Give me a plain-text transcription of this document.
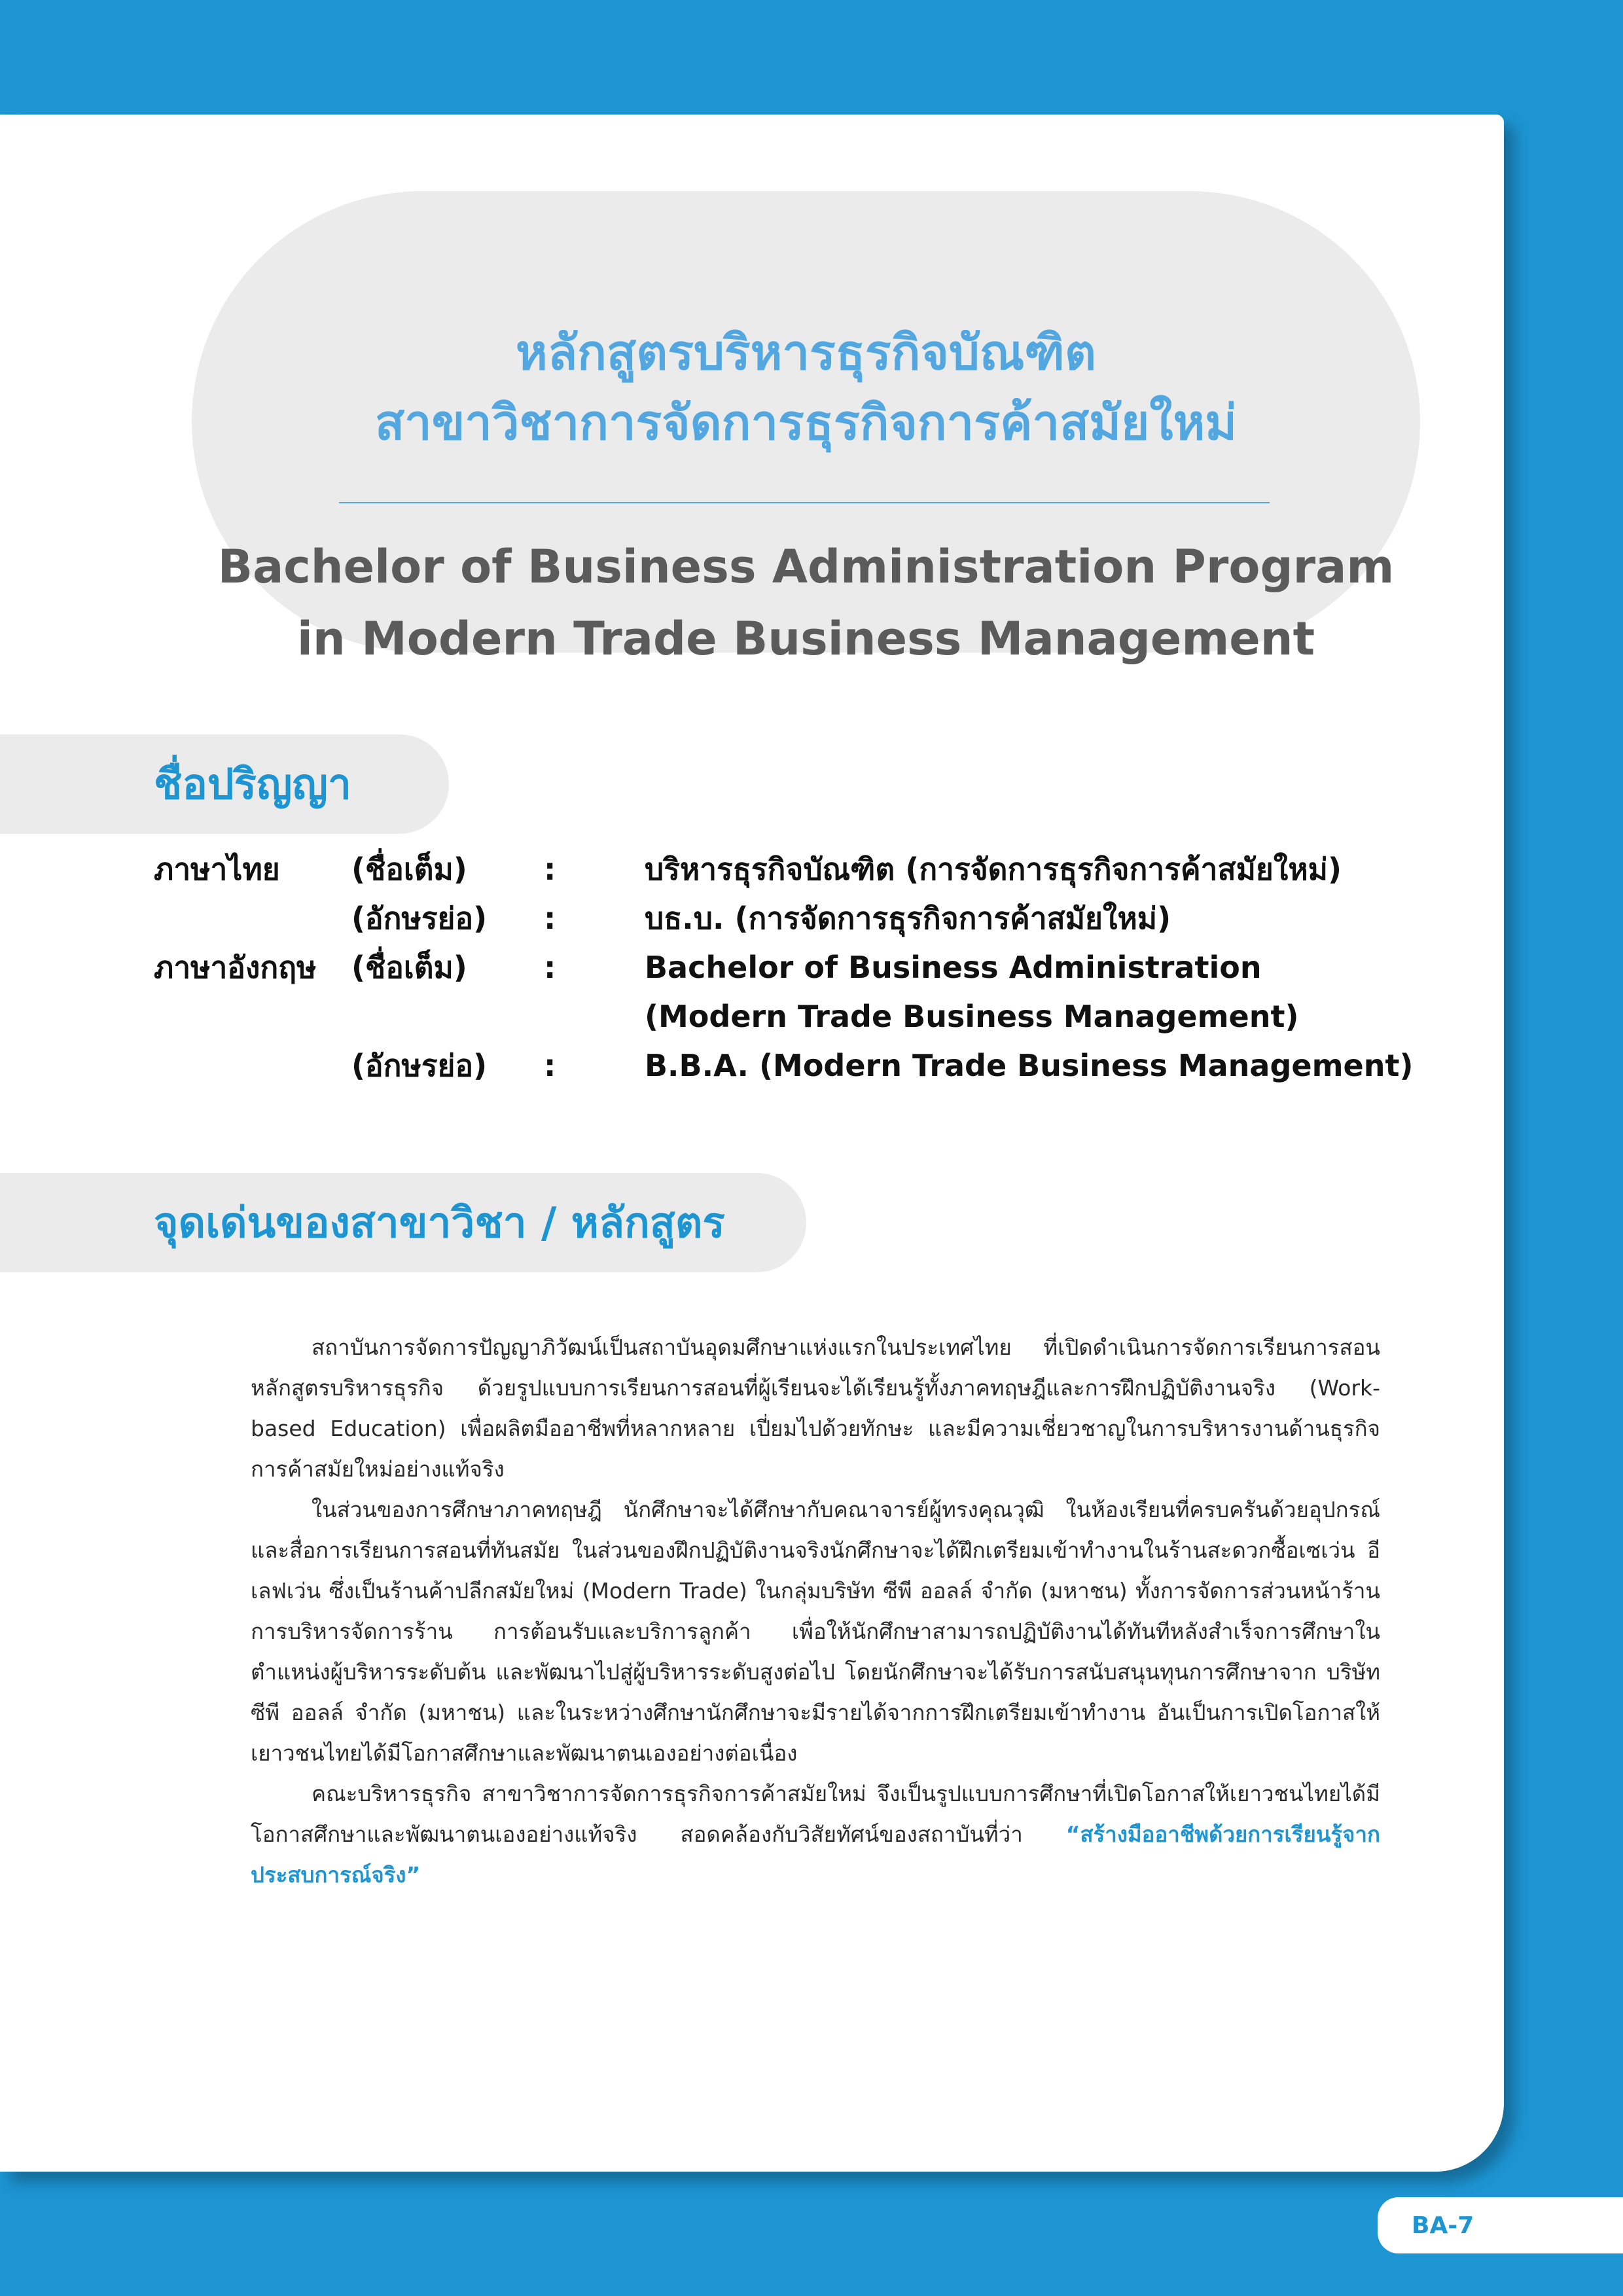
หลักสูตรบริหารธุรกิจบัณฑิต
สาขาวิชาการจัดการธุรกิจการค้าสมัยใหม่
Bachelor of Business Administration Program
in Modern Trade Business Management
ชื่อปริญญา
ภาษาไทย (ชื่อเต็ม)	:	บริหารธุรกิจบัณฑิต (การจัดการธุรกิจการค้าสมัยใหม่)
(อักษรย่อ) :	บธ.บ. (การจัดการธุรกิจการค้าสมัยใหม่)
ภาษาอังกฤษ (ชื่อเต็ม)	:	Bachelor of Business Administration
(Modern Trade Business Management)
(อักษรย่อ) :	B.B.A. (Modern Trade Business Management)
จุดเด่นของสาขาวิชา / หลักสูตร

สถาบันการจัดการปัญญาภิวัฒน์เป็นสถาบันอุดมศึกษาแห่งแรกในประเทศไทย ที่เปิดดำเนินการจัดการเรียนการสอนหลักสูตรบริหารธุรกิจ ด้วยรูปแบบการเรียนการสอนที่ผู้เรียนจะได้เรียนรู้ทั้งภาคทฤษฎีและการฝึกปฏิบัติงานจริง (Work-based Education) เพื่อผลิตมืออาชีพที่หลากหลาย เปี่ยมไปด้วยทักษะ และมีความเชี่ยวชาญในการบริหารงานด้านธุรกิจการค้าสมัยใหม่อย่างแท้จริง

ในส่วนของการศึกษาภาคทฤษฎี นักศึกษาจะได้ศึกษากับคณาจารย์ผู้ทรงคุณวุฒิ ในห้องเรียนที่ครบครันด้วยอุปกรณ์และสื่อการเรียนการสอนที่ทันสมัย ในส่วนของฝึกปฏิบัติงานจริงนักศึกษาจะได้ฝึกเตรียมเข้าทำงานในร้านสะดวกซื้อเซเว่น อีเลฟเว่น ซึ่งเป็นร้านค้าปลีกสมัยใหม่ (Modern Trade) ในกลุ่มบริษัท ซีพี ออลล์ จำกัด (มหาชน) ทั้งการจัดการส่วนหน้าร้าน การบริหารจัดการร้าน การต้อนรับและบริการลูกค้า เพื่อให้นักศึกษาสามารถปฏิบัติงานได้ทันทีหลังสำเร็จการศึกษาในตำแหน่งผู้บริหารระดับต้น และพัฒนาไปสู่ผู้บริหารระดับสูงต่อไป โดยนักศึกษาจะได้รับการสนับสนุนทุนการศึกษาจาก บริษัท ซีพี ออลล์ จำกัด (มหาชน) และในระหว่างศึกษานักศึกษาจะมีรายได้จากการฝึกเตรียมเข้าทำงาน อันเป็นการเปิดโอกาสให้เยาวชนไทยได้มีโอกาสศึกษาและพัฒนาตนเองอย่างต่อเนื่อง

คณะบริหารธุรกิจ สาขาวิชาการจัดการธุรกิจการค้าสมัยใหม่ จึงเป็นรูปแบบการศึกษาที่เปิดโอกาสให้เยาวชนไทยได้มีโอกาสศึกษาและพัฒนาตนเองอย่างแท้จริง สอดคล้องกับวิสัยทัศน์ของสถาบันที่ว่า “สร้างมืออาชีพด้วยการเรียนรู้จากประสบการณ์จริง”

BA-7
